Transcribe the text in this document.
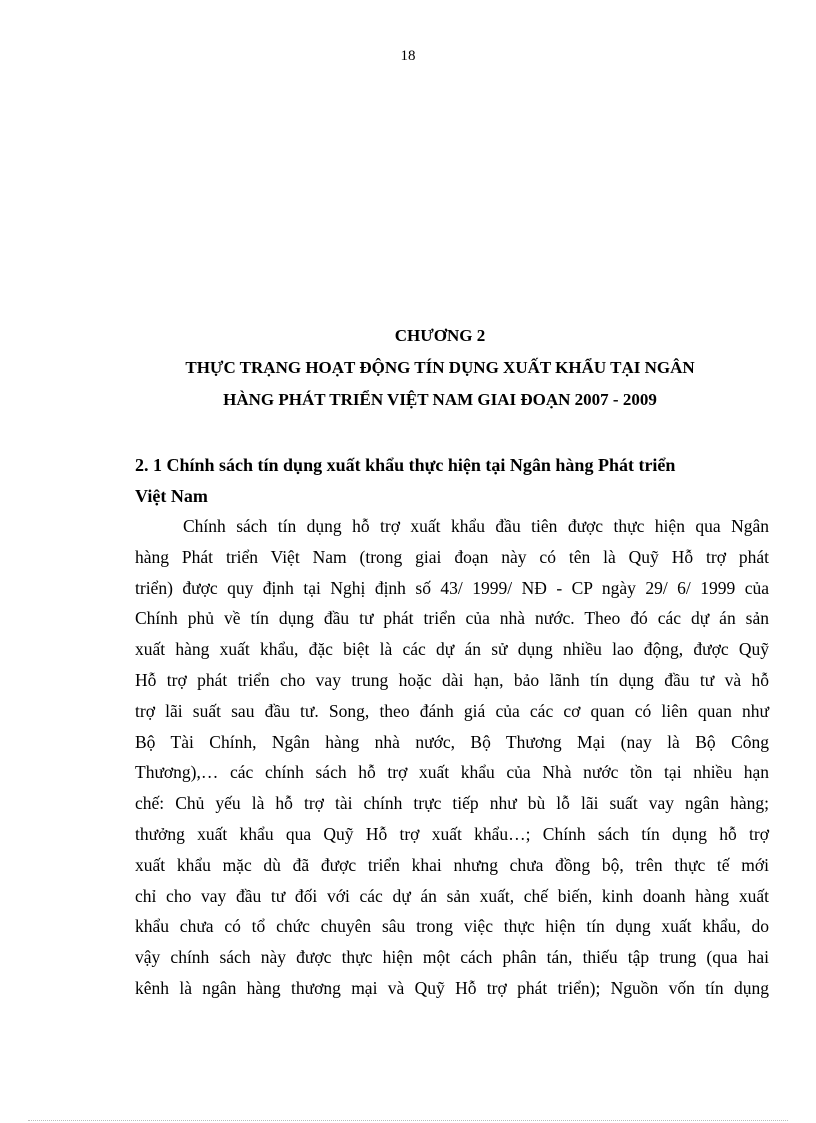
18
CHƯƠNG 2
THỰC TRẠNG HOẠT ĐỘNG TÍN DỤNG XUẤT KHẨU TẠI NGÂN
HÀNG PHÁT TRIỂN VIỆT NAM GIAI ĐOẠN 2007 - 2009
2. 1 Chính sách tín dụng xuất khẩu thực hiện tại Ngân hàng Phát triển
Việt Nam
Chính sách tín dụng hỗ trợ xuất khẩu đầu tiên được thực hiện qua Ngân
hàng Phát triển Việt Nam (trong giai đoạn này có tên là Quỹ Hỗ trợ phát
triển) được quy định tại Nghị định số 43/ 1999/ NĐ - CP ngày 29/ 6/ 1999 của
Chính phủ về tín dụng đầu tư phát triển của nhà nước. Theo đó các dự án sản
xuất hàng xuất khẩu, đặc biệt là các dự án sử dụng nhiều lao động, được Quỹ
Hỗ trợ phát triển cho vay trung hoặc dài hạn, bảo lãnh tín dụng đầu tư và hỗ
trợ lãi suất sau đầu tư. Song, theo đánh giá của các cơ quan có liên quan như
Bộ Tài Chính, Ngân hàng nhà nước, Bộ Thương Mại (nay là Bộ Công
Thương),… các chính sách hỗ trợ xuất khẩu của Nhà nước tồn tại nhiều hạn
chế: Chủ yếu là hỗ trợ tài chính trực tiếp như bù lỗ lãi suất vay ngân hàng;
thưởng xuất khẩu qua Quỹ Hỗ trợ xuất khẩu…; Chính sách tín dụng hỗ trợ
xuất khẩu mặc dù đã được triển khai nhưng chưa đồng bộ, trên thực tế mới
chỉ cho vay đầu tư đối với các dự án sản xuất, chế biến, kinh doanh hàng xuất
khẩu chưa có tổ chức chuyên sâu trong việc thực hiện tín dụng xuất khẩu, do
vậy chính sách này được thực hiện một cách phân tán, thiếu tập trung (qua hai
kênh là ngân hàng thương mại và Quỹ Hỗ trợ phát triển); Nguồn vốn tín dụng
